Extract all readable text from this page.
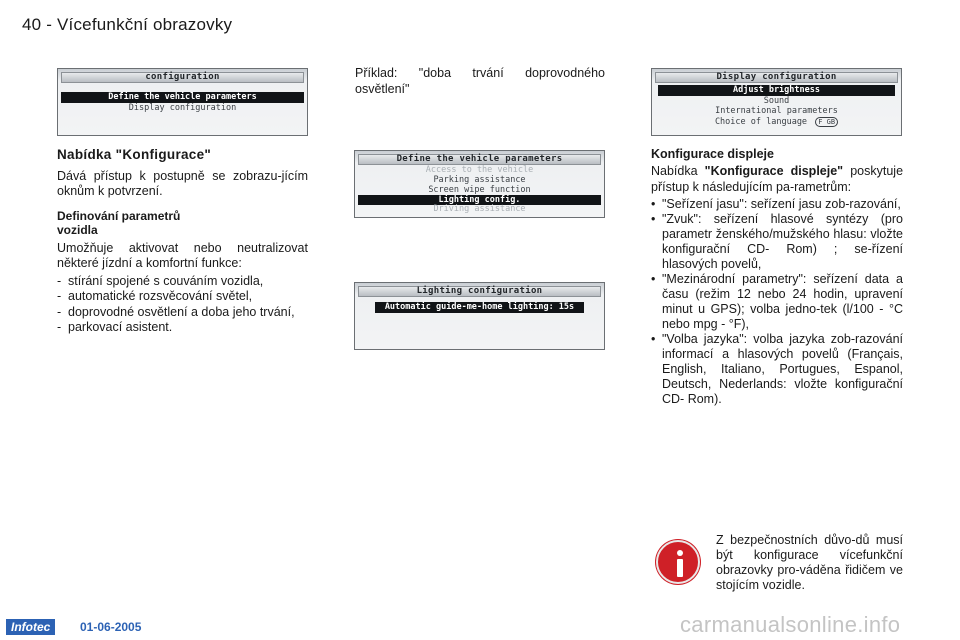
40 - Vícefunkční obrazovky
configuration
Define the vehicle parameters
Display configuration
Define the vehicle parameters
Access to the vehicle
Parking assistance
Screen wipe function
Lighting config.
Driving assistance
Lighting configuration
Automatic guide-me-home lighting: 15s
Display configuration
Adjust brightness
Sound
International parameters
Choice of language F GB
Nabídka "Konfigurace"
Dává přístup k postupně se zobrazu-jícím oknům k potvrzení.
Definování parametrů
vozidla
Umožňuje aktivovat nebo neutralizovat některé jízdní a komfortní funkce:
- stírání spojené s couváním vozidla,
- automatické rozsvěcování světel,
- doprovodné osvětlení a doba jeho trvání,
- parkovací asistent.
Příklad: "doba trvání doprovodného osvětlení"
Konfigurace displeje
Nabídka "Konfigurace displeje" poskytuje přístup k následujícím pa-rametrům:
• "Seřízení jasu": seřízení jasu zob-razování,
• "Zvuk": seřízení hlasové syntézy (pro parametr ženského/mužského hlasu: vložte konfigurační CD- Rom) ; se-řízení hlasových povelů,
• "Mezinárodní parametry": seřízení data a času (režim 12 nebo 24 hodin, upravení minut u GPS); volba jedno-tek (l/100 - °C nebo mpg - °F),
• "Volba jazyka": volba jazyka zob-razování informací a hlasových povelů (Français, English, Italiano, Portugues, Espanol, Deutsch, Nederlands: vložte konfigurační CD- Rom).
Z bezpečnostních důvo-dů musí být konfigurace vícefunkční obrazovky pro-váděna řidičem ve stojícím vozidle.
Infotec	01-06-2005	carmanualsonline.info
